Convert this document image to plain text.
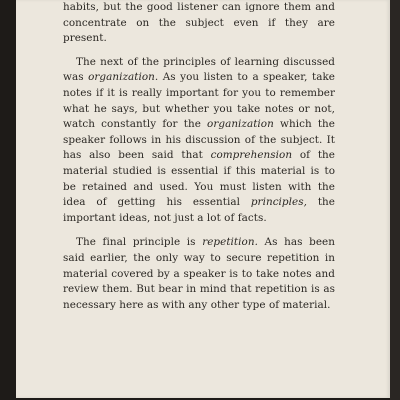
habits, but the good listener can ignore them and concentrate on the subject even if they are present.

The next of the principles of learning discussed was organization. As you listen to a speaker, take notes if it is really important for you to remember what he says, but whether you take notes or not, watch constantly for the organization which the speaker follows in his discussion of the subject. It has also been said that comprehension of the material studied is essential if this material is to be retained and used. You must listen with the idea of getting his essential principles, the important ideas, not just a lot of facts.

The final principle is repetition. As has been said earlier, the only way to secure repetition in material covered by a speaker is to take notes and review them. But bear in mind that repetition is as necessary here as with any other type of material.
